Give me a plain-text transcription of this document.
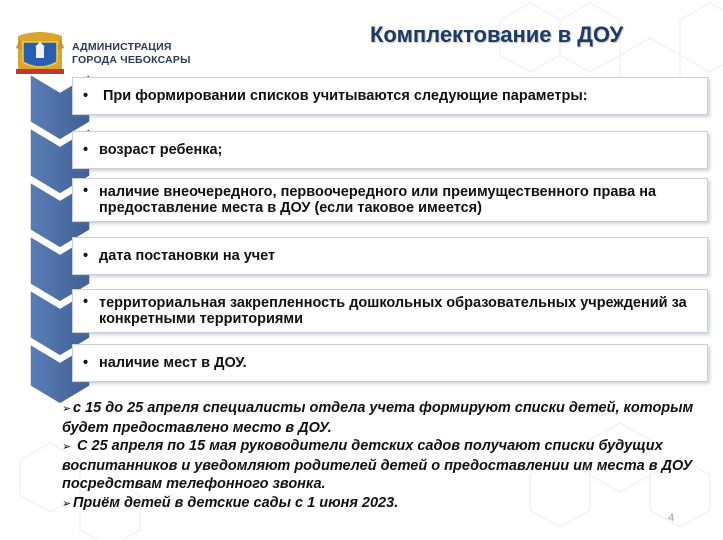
АДМИНИСТРАЦИЯ
ГОРОДА ЧЕБОКСАРЫ
Комплектование в ДОУ
•	При формировании списков учитываются следующие параметры:
• возраст ребенка;
• наличие внеочередного, первоочередного или преимущественного права на предоставление места в ДОУ (если таковое имеется)
• дата постановки на учет
• территориальная закрепленность дошкольных образовательных учреждений за конкретными территориями
• наличие мест в ДОУ.

➢ с 15 до 25 апреля специалисты отдела учета формируют списки детей, которым будет предоставлено место в ДОУ.

➢ С 25 апреля по 15 мая руководители детских садов получают списки будущих воспитанников и уведомляют родителей детей о предоставлении им места в ДОУ посредствам телефонного звонка.

➢ Приём детей в детские сады с 1 июня 2023.

4
